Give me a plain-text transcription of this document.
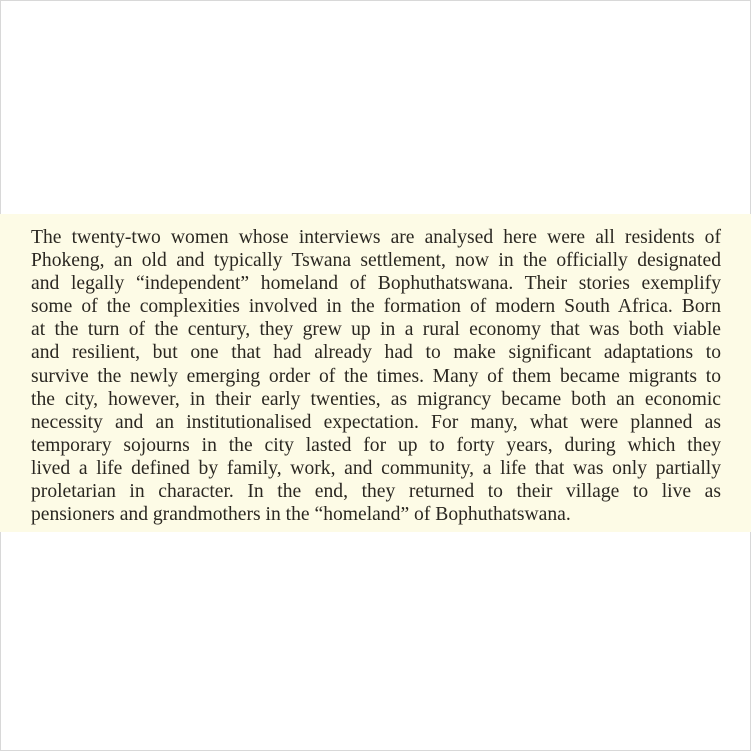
The twenty-two women whose interviews are analysed here were all residents of
Phokeng, an old and typically Tswana settlement, now in the officially designated
and legally “independent” homeland of Bophuthatswana. Their stories exemplify
some of the complexities involved in the formation of modern South Africa. Born
at the turn of the century, they grew up in a rural economy that was both viable
and resilient, but one that had already had to make significant adaptations to
survive the newly emerging order of the times. Many of them became migrants to
the city, however, in their early twenties, as migrancy became both an economic
necessity and an institutionalised expectation. For many, what were planned as
temporary sojourns in the city lasted for up to forty years, during which they
lived a life defined by family, work, and community, a life that was only partially
proletarian in character. In the end, they returned to their village to live as
pensioners and grandmothers in the “homeland” of Bophuthatswana.
